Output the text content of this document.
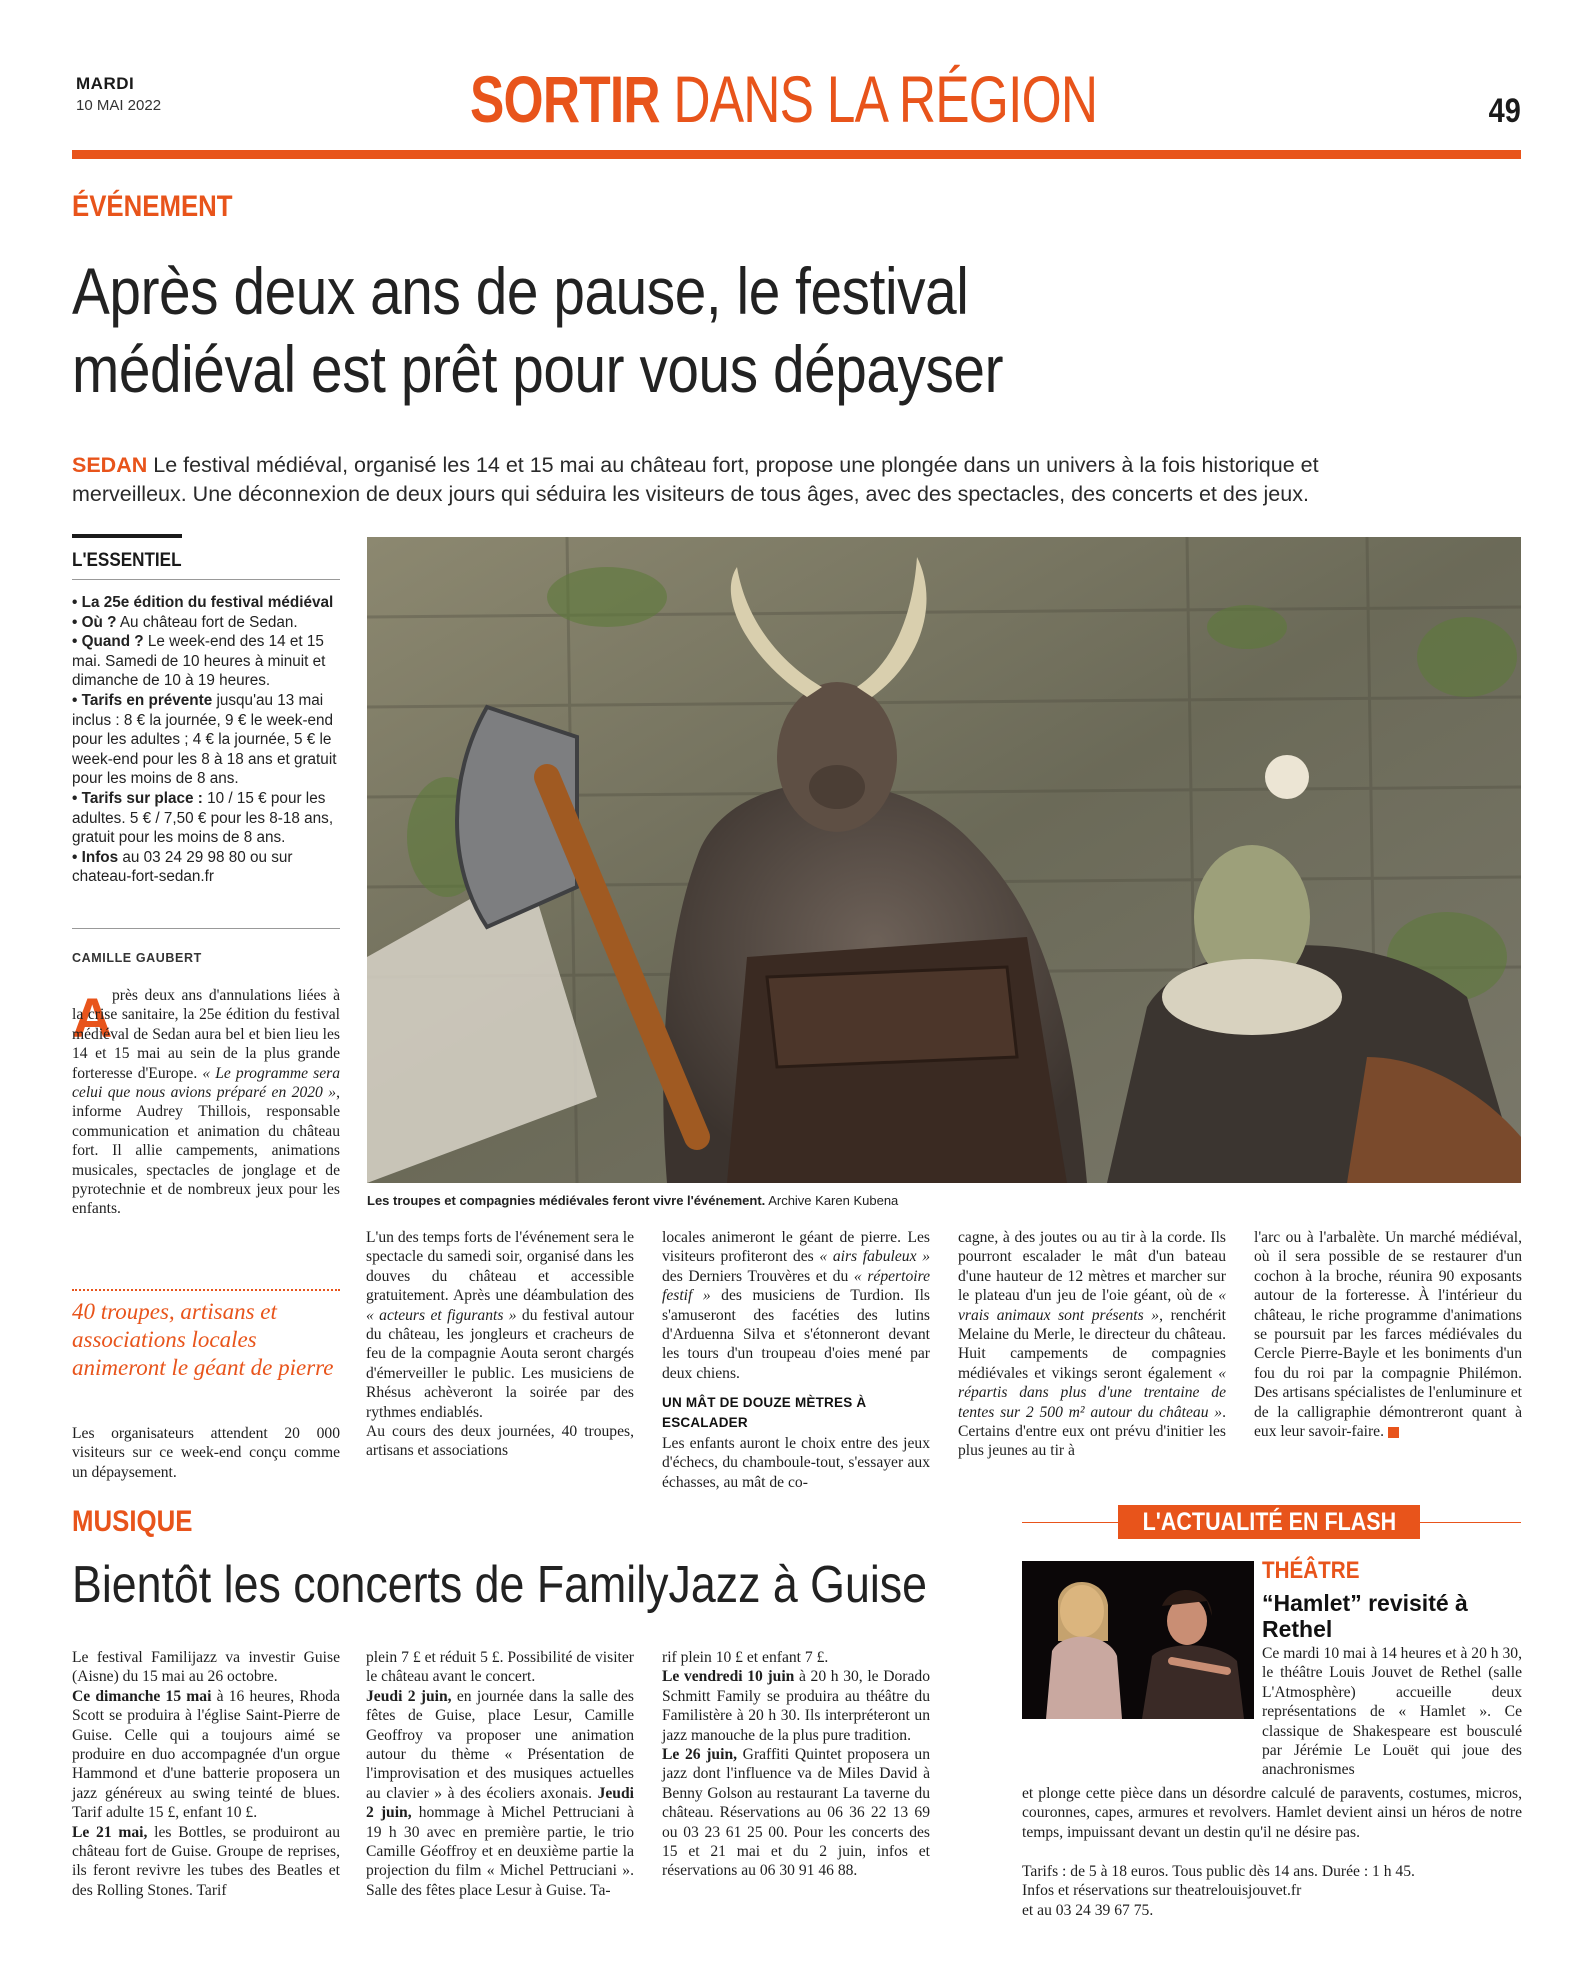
MARDI
10 MAI 2022	SORTIR DANS LA RÉGION	49
ÉVÉNEMENT
Après deux ans de pause, le festival
médiéval est prêt pour vous dépayser
SEDAN Le festival médiéval, organisé les 14 et 15 mai au château fort, propose une plongée dans un univers à la fois historique et merveilleux. Une déconnexion de deux jours qui séduira les visiteurs de tous âges, avec des spectacles, des concerts et des jeux.
L'ESSENTIEL
• La 25e édition du festival médiéval
• Où ? Au château fort de Sedan.
• Quand ? Le week-end des 14 et 15 mai. Samedi de 10 heures à minuit et dimanche de 10 à 19 heures.
• Tarifs en prévente jusqu'au 13 mai inclus : 8 € la journée, 9 € le week-end pour les adultes ; 4 € la journée, 5 € le week-end pour les 8 à 18 ans et gratuit pour les moins de 8 ans.
• Tarifs sur place : 10 / 15 € pour les adultes. 5 € / 7,50 € pour les 8-18 ans, gratuit pour les moins de 8 ans.
• Infos au 03 24 29 98 80 ou sur chateau-fort-sedan.fr
CAMILLE GAUBERT
A près deux ans d'annulations liées à la crise sanitaire, la 25e édition du festival médiéval de Sedan aura bel et bien lieu les 14 et 15 mai au sein de la plus grande forteresse d'Europe. « Le programme sera celui que nous avions préparé en 2020 », informe Audrey Thillois, responsable communication et animation du château fort. Il allie campements, animations musicales, spectacles de jonglage et de pyrotechnie et de nombreux jeux pour les enfants.

40 troupes, artisans et associations locales animeront le géant de pierre

Les organisateurs attendent 20 000 visiteurs sur ce week-end conçu comme un dépaysement.

Les troupes et compagnies médiévales feront vivre l'événement. Archive Karen Kubena

L'un des temps forts de l'événement sera le spectacle du samedi soir, organisé dans les douves du château et accessible gratuitement. Après une déambulation des « acteurs et figurants » du festival autour du château, les jongleurs et cracheurs de feu de la compagnie Aouta seront chargés d'émerveiller le public. Les musiciens de Rhésus achèveront la soirée par des rythmes endiablés.

Au cours des deux journées, 40 troupes, artisans et associations

locales animeront le géant de pierre. Les visiteurs profiteront des « airs fabuleux » des Derniers Trouvères et du « répertoire festif » des musiciens de Turdion. Ils s'amuseront des facéties des lutins d'Arduenna Silva et s'étonneront devant les tours d'un troupeau d'oies mené par deux chiens.

UN MÂT DE DOUZE MÈTRES À ESCALADER

Les enfants auront le choix entre des jeux d'échecs, du chamboule-tout, s'essayer aux échasses, au mât de co-

cagne, à des joutes ou au tir à la corde. Ils pourront escalader le mât d'un bateau d'une hauteur de 12 mètres et marcher sur le plateau d'un jeu de l'oie géant, où de « vrais animaux sont présents », renchérit Melaine du Merle, le directeur du château. Huit campements de compagnies médiévales et vikings seront également « répartis dans plus d'une trentaine de tentes sur 2 500 m² autour du château ». Certains d'entre eux ont prévu d'initier les plus jeunes au tir à

l'arc ou à l'arbalète. Un marché médiéval, où il sera possible de se restaurer d'un cochon à la broche, réunira 90 exposants autour de la forteresse. À l'intérieur du château, le riche programme d'animations se poursuit par les farces médiévales du Cercle Pierre-Bayle et les boniments d'un fou du roi par la compagnie Philémon. Des artisans spécialistes de l'enluminure et de la calligraphie démontreront quant à eux leur savoir-faire.

MUSIQUE
Bientôt les concerts de FamilyJazz à Guise

Le festival Familijazz va investir Guise (Aisne) du 15 mai au 26 octobre.

Ce dimanche 15 mai à 16 heures, Rhoda Scott se produira à l'église Saint-Pierre de Guise. Celle qui a toujours aimé se produire en duo accompagnée d'un orgue Hammond et d'une batterie proposera un jazz généreux au swing teinté de blues. Tarif adulte 15 £, enfant 10 £.

Le 21 mai, les Bottles, se produiront au château fort de Guise. Groupe de reprises, ils feront revivre les tubes des Beatles et des Rolling Stones. Tarif

plein 7 £ et réduit 5 £. Possibilité de visiter le château avant le concert.

Jeudi 2 juin, en journée dans la salle des fêtes de Guise, place Lesur, Camille Geoffroy va proposer une animation autour du thème « Présentation de l'improvisation et des musiques actuelles au clavier » à des écoliers axonais. Jeudi 2 juin, hommage à Michel Pettruciani à 19 h 30 avec en première partie, le trio Camille Géoffroy et en deuxième partie la projection du film « Michel Pettruciani ». Salle des fêtes place Lesur à Guise. Ta-

rif plein 10 £ et enfant 7 £.

Le vendredi 10 juin à 20 h 30, le Dorado Schmitt Family se produira au théâtre du Familistère à 20 h 30. Ils interpréteront un jazz manouche de la plus pure tradition.

Le 26 juin, Graffiti Quintet proposera un jazz dont l'influence va de Miles David à Benny Golson au restaurant La taverne du château. Réservations au 06 36 22 13 69 ou 03 23 61 25 00. Pour les concerts des 15 et 21 mai et du 2 juin, infos et réservations au 06 30 91 46 88.

L'ACTUALITÉ EN FLASH
THÉÂTRE
“Hamlet” revisité à Rethel
Ce mardi 10 mai à 14 heures et à 20 h 30, le théâtre Louis Jouvet de Rethel (salle L'Atmosphère) accueille deux représentations de « Hamlet ». Ce classique de Shakespeare est bousculé par Jérémie Le Louët qui joue des anachronismes
et plonge cette pièce dans un désordre calculé de paravents, costumes, micros, couronnes, capes, armures et revolvers. Hamlet devient ainsi un héros de notre temps, impuissant devant un destin qu'il ne désire pas.
Tarifs : de 5 à 18 euros. Tous public dès 14 ans. Durée : 1 h 45.
Infos et réservations sur theatrelouisjouvet.fr
et au 03 24 39 67 75.
